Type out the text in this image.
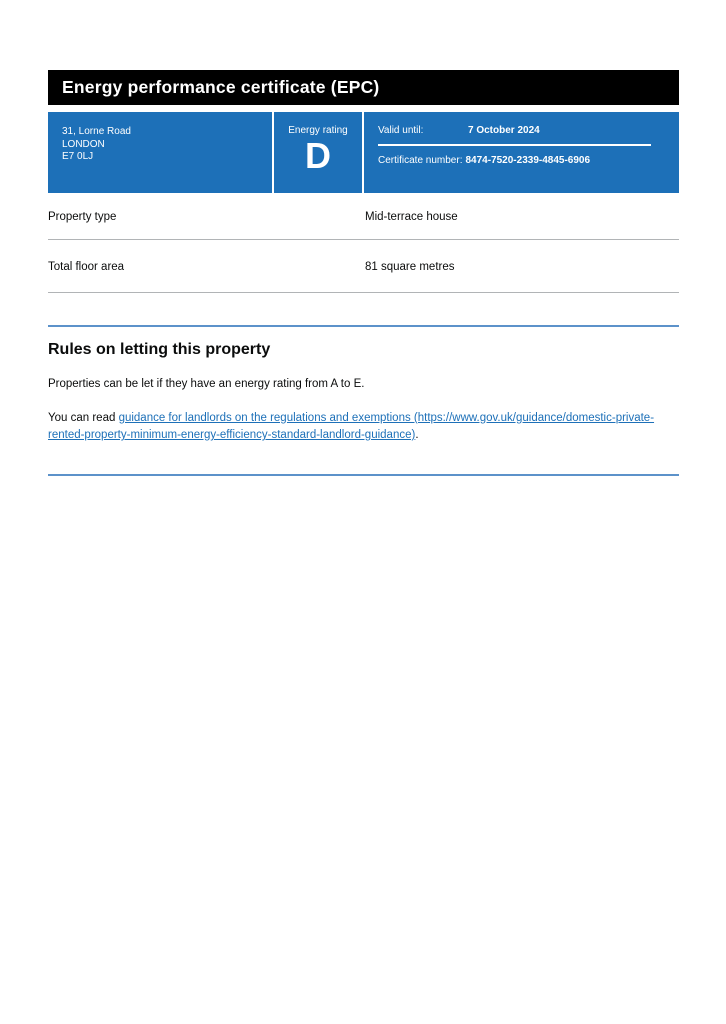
Energy performance certificate (EPC)
31, Lorne Road
LONDON
E7 0LJ
Energy rating
D
Valid until:	7 October 2024
Certificate number: 8474-7520-2339-4845-6906
Property type	Mid-terrace house
Total floor area	81 square metres
Rules on letting this property

Properties can be let if they have an energy rating from A to E.

You can read guidance for landlords on the regulations and exemptions (https://www.gov.uk/guidance/domestic-private-rented-property-minimum-energy-efficiency-standard-landlord-guidance).
